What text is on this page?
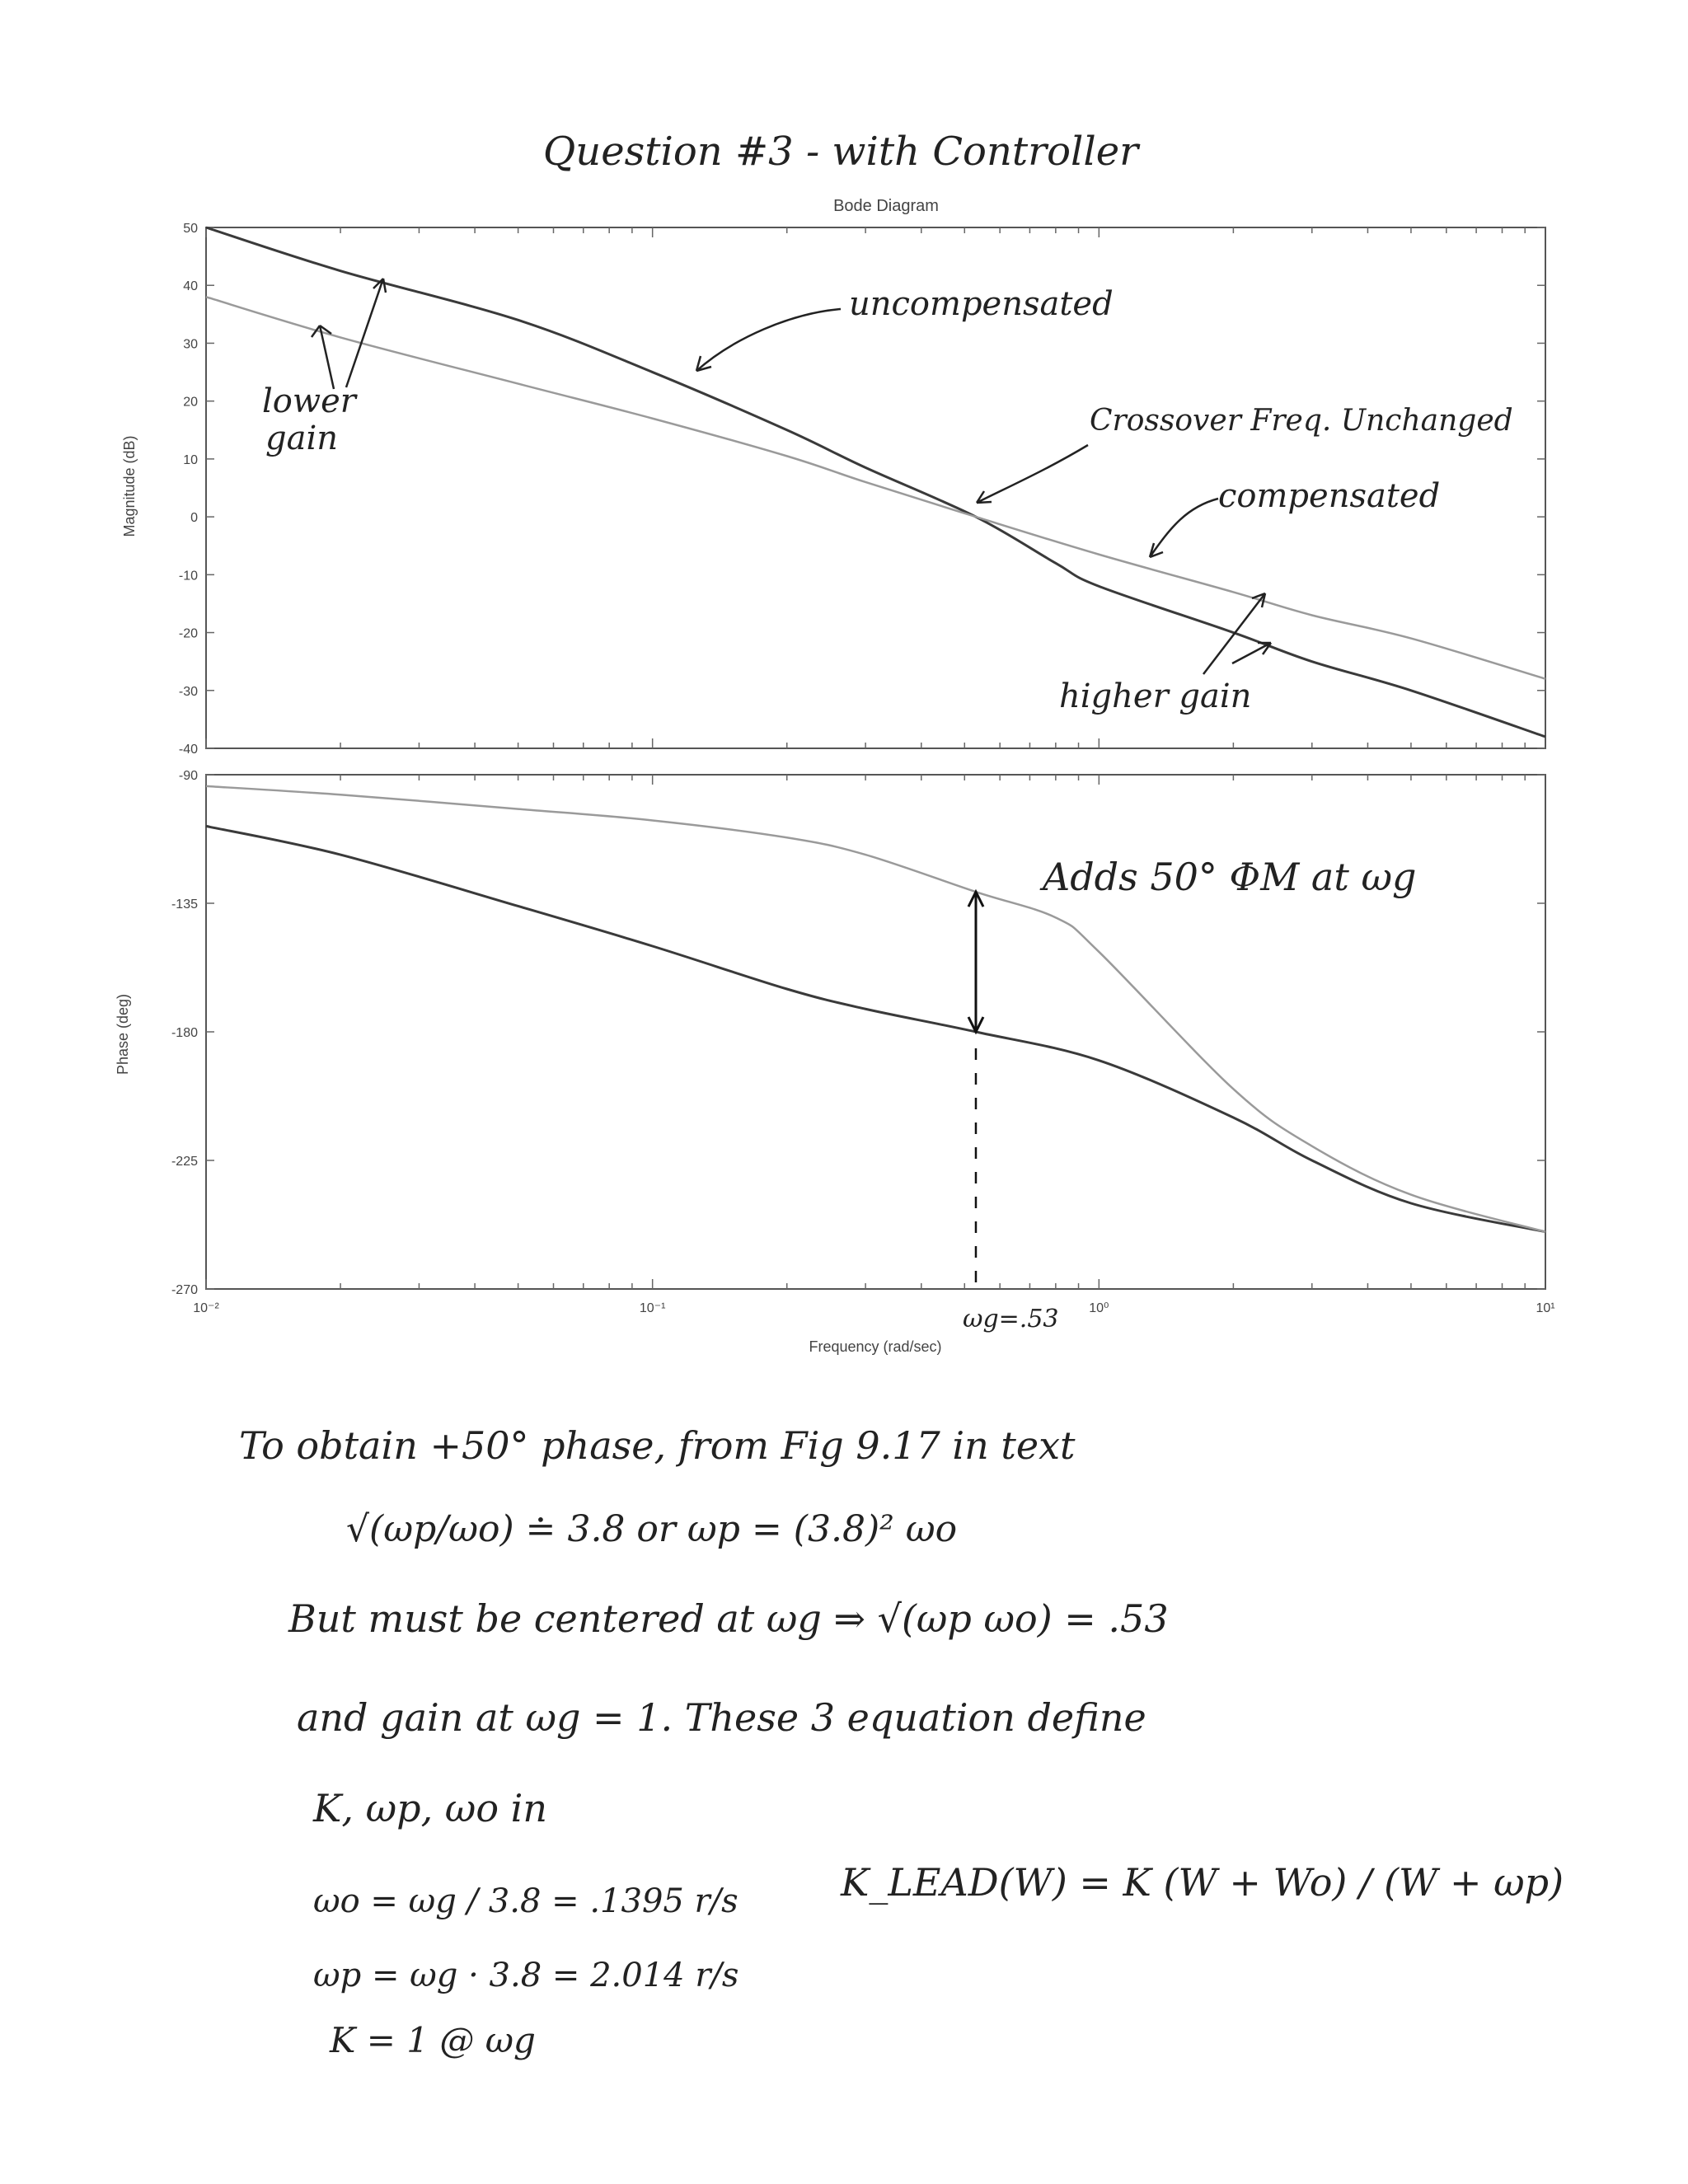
Question #3 - with Controller
Bode Diagram
Magnitude (dB)
50
40
30
20
10
0
-10
-20
-30
-40
Phase (deg)
Frequency (rad/sec)
-90
-135
-180
-225
-270
10⁻²	10⁻¹	10⁰	10¹
uncompensated
lower
gain	Crossover Freq. Unchanged
compensated
higher gain
Adds 50° ΦM at ωg
ωg=.53
To obtain +50° phase, from Fig 9.17 in text
√(ωp/ωo) ≐ 3.8 or ωp = (3.8)² ωo
But must be centered at ωg ⇒ √(ωp ωo) = .53
and gain at ωg = 1. These 3 equation define
K, ωp, ωo in
K_LEAD(W) = K (W + Wo) / (W + ωp)
ωo = ωg / 3.8 = .1395 r/s
ωp = ωg · 3.8 = 2.014 r/s
K = 1 @ ωg
